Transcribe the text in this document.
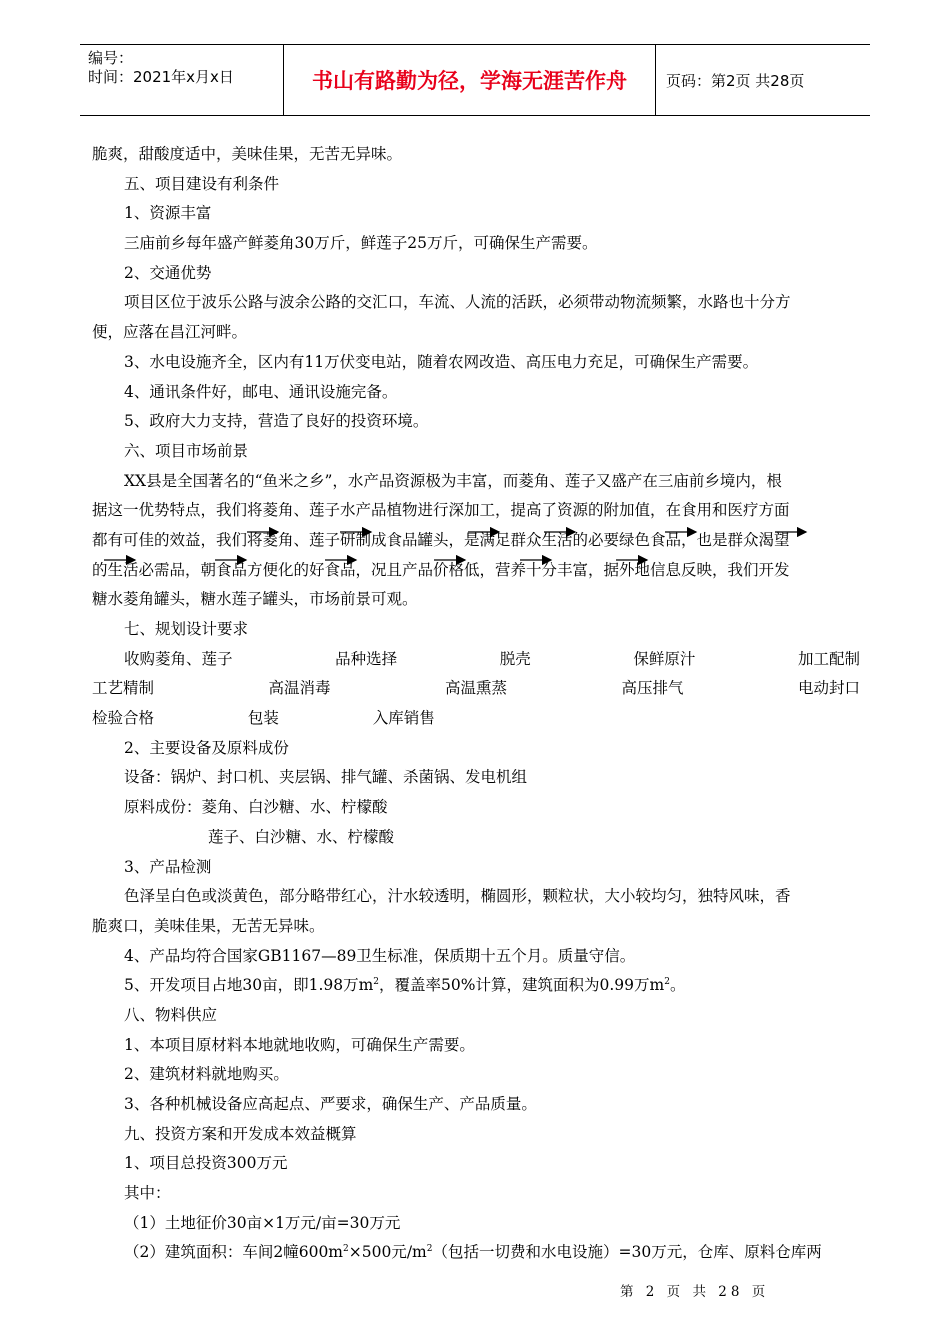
编号：
时间：2021年x月x日	书山有路勤为径，学海无涯苦作舟	页码：第2页 共28页
脆爽，甜酸度适中，美味佳果，无苦无异味。
五、项目建设有利条件
1、资源丰富
三庙前乡每年盛产鲜菱角30万斤，鲜莲子25万斤，可确保生产需要。
2、交通优势
项目区位于波乐公路与波余公路的交汇口，车流、人流的活跃，必须带动物流频繁，水路也十分方
便，应落在昌江河畔。
3、水电设施齐全，区内有11万伏变电站，随着农网改造、高压电力充足，可确保生产需要。
4、通讯条件好，邮电、通讯设施完备。
5、政府大力支持，营造了良好的投资环境。
六、项目市场前景
XX县是全国著名的“鱼米之乡”，水产品资源极为丰富，而菱角、莲子又盛产在三庙前乡境内，根
据这一优势特点，我们将菱角、莲子水产品植物进行深加工，提高了资源的附加值，在食用和医疗方面
都有可佳的效益，我们将菱角、莲子研制成食品罐头，是满足群众生活的必要绿色食品，也是群众渴望
的生活必需品，朝食品方便化的好食品，况且产品价格低，营养十分丰富，据外地信息反映，我们开发
糖水菱角罐头，糖水莲子罐头，市场前景可观。
七、规划设计要求
收购菱角、莲子	品种选择	脱壳	保鲜原汁	加工配制
工艺精制	高温消毒	高温熏蒸	高压排气	电动封口
检验合格	包装	入库销售
2、主要设备及原料成份
设备：锅炉、封口机、夹层锅、排气罐、杀菌锅、发电机组
原料成份：菱角、白沙糖、水、柠檬酸
莲子、白沙糖、水、柠檬酸
3、产品检测
色泽呈白色或淡黄色，部分略带红心，汁水较透明，椭圆形，颗粒状，大小较均匀，独特风味，香
脆爽口，美味佳果，无苦无异味。
4、产品均符合国家GB1167—89卫生标准，保质期十五个月。质量守信。
5、开发项目占地30亩，即1.98万$m^2$，覆盖率50%计算，建筑面积为0.99万$m^2$。
八、物料供应
1、本项目原材料本地就地收购，可确保生产需要。
2、建筑材料就地购买。
3、各种机械设备应高起点、严要求，确保生产、产品质量。
九、投资方案和开发成本效益概算
1、项目总投资300万元
其中：
（1）土地征价30亩×1万元/亩=30万元
（2）建筑面积：车间2幢$600m^2\times 500$元$/m^2$（包括一切费和水电设施）=30万元，仓库、原料仓库两
第 2 页 共 28 页
